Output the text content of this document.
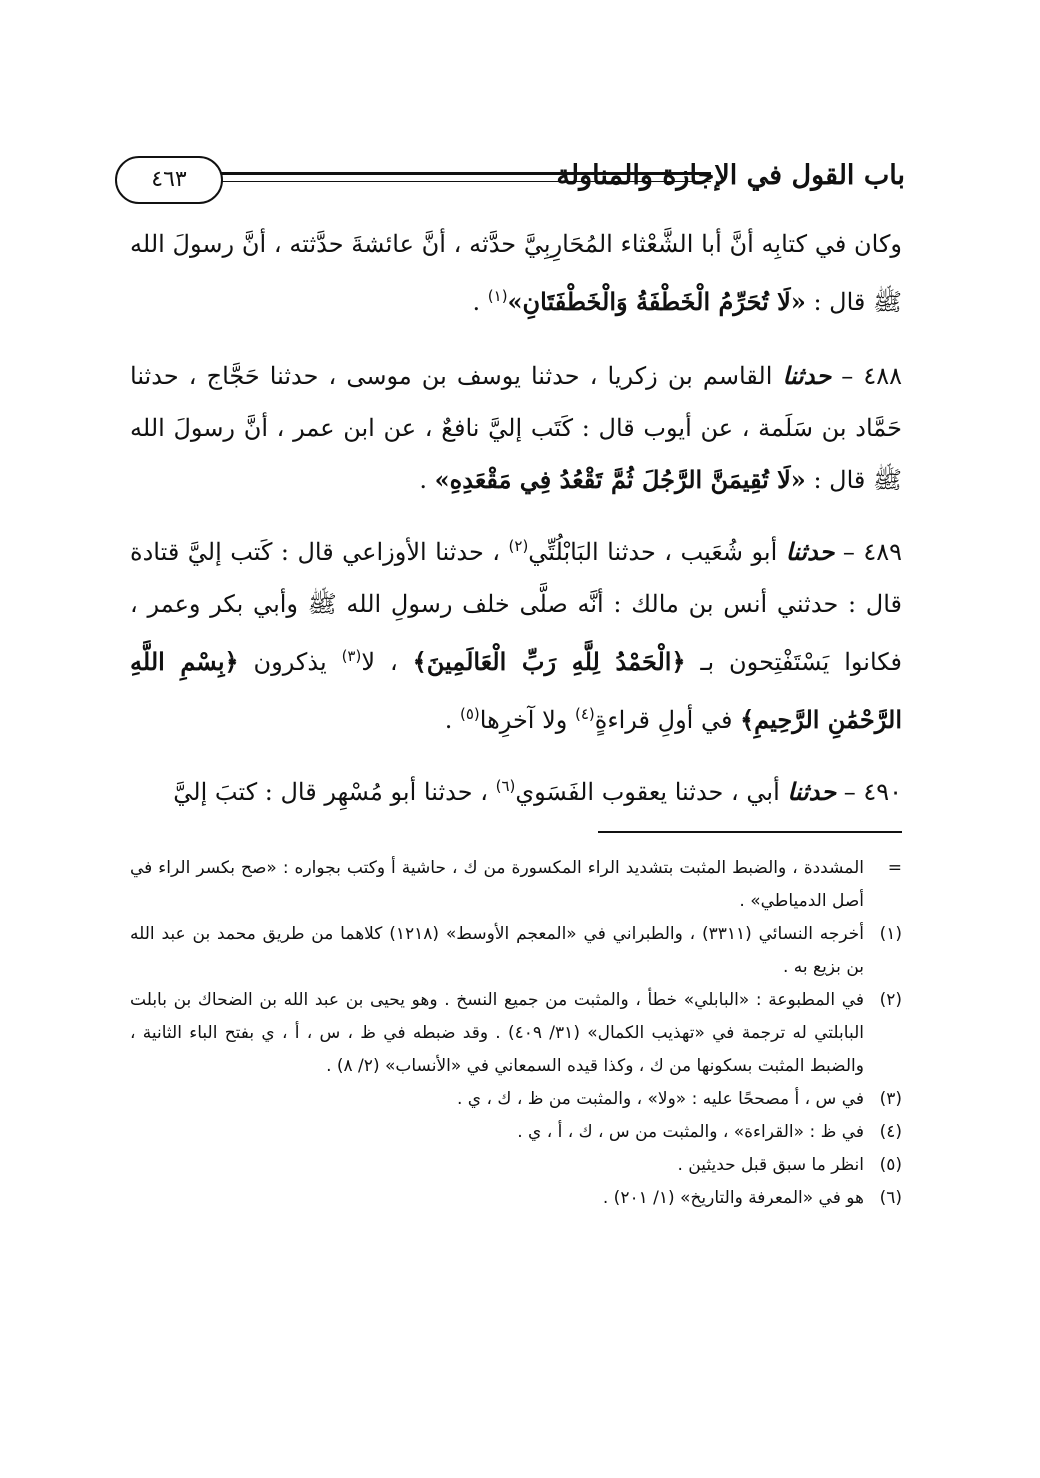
باب القول في الإجازة والمناولة
٤٦٣

وكان في كتابِه أنَّ أبا الشَّعْثاء المُحَارِبِيَّ حدَّثه ، أنَّ عائشةَ حدَّثته ، أنَّ رسولَ الله ﷺ قال : «لَا تُحَرِّمُ الْخَطْفَةُ وَالْخَطْفَتَانِ»$^{(١)}$ .

٤٨٨ – حدثنا القاسم بن زكريا ، حدثنا يوسف بن موسى ، حدثنا حَجَّاج ، حدثنا حَمَّاد بن سَلَمة ، عن أيوب قال : كَتَب إليَّ نافعٌ ، عن ابن عمر ، أنَّ رسولَ الله ﷺ قال : «لَا تُقِيمَنَّ الرَّجُلَ ثُمَّ تَقْعُدُ فِي مَقْعَدِهِ» .

٤٨٩ – حدثنا أبو شُعَيب ، حدثنا البَابْلُتِّي$^{(٢)}$ ، حدثنا الأوزاعي قال : كَتب إليَّ قتادة قال : حدثني أنس بن مالك : أنَّه صلَّى خلف رسولِ الله ﷺ وأبي بكر وعمر ، فكانوا يَسْتَفْتِحون بـ ﴿الْحَمْدُ لِلَّهِ رَبِّ الْعَالَمِينَ﴾ ، لا$^{(٣)}$ يذكرون ﴿بِسْمِ اللَّهِ الرَّحْمَٰنِ الرَّحِيمِ﴾ في أولِ قراءةٍ$^{(٤)}$ ولا آخرِها$^{(٥)}$ .

٤٩٠ – حدثنا أبي ، حدثنا يعقوب الفَسَوي$^{(٦)}$ ، حدثنا أبو مُسْهِر قال : كتبَ إليَّ

=
المشددة ، والضبط المثبت بتشديد الراء المكسورة من ك ، حاشية أ وكتب بجواره : «صح بكسر الراء في أصل الدمياطي» .
(١)
أخرجه النسائي (٣٣١١) ، والطبراني في «المعجم الأوسط» (١٢١٨) كلاهما من طريق محمد بن عبد الله بن بزيع به .
(٢)
في المطبوعة : «البابلي» خطأ ، والمثبت من جميع النسخ . وهو يحيى بن عبد الله بن الضحاك بن بابلت البابلتي له ترجمة في «تهذيب الكمال» (٣١/ ٤٠٩) . وقد ضبطه في ظ ، س ، أ ، ي بفتح الباء الثانية ، والضبط المثبت بسكونها من ك ، وكذا قيده السمعاني في «الأنساب» (٢/ ٨) .
(٣)
في س ، أ مصححًا عليه : «ولا» ، والمثبت من ظ ، ك ، ي .
(٤)
في ظ : «القراءة» ، والمثبت من س ، ك ، أ ، ي .
(٥)
انظر ما سبق قبل حديثين .
(٦)
هو في «المعرفة والتاريخ» (١/ ٢٠١) .
